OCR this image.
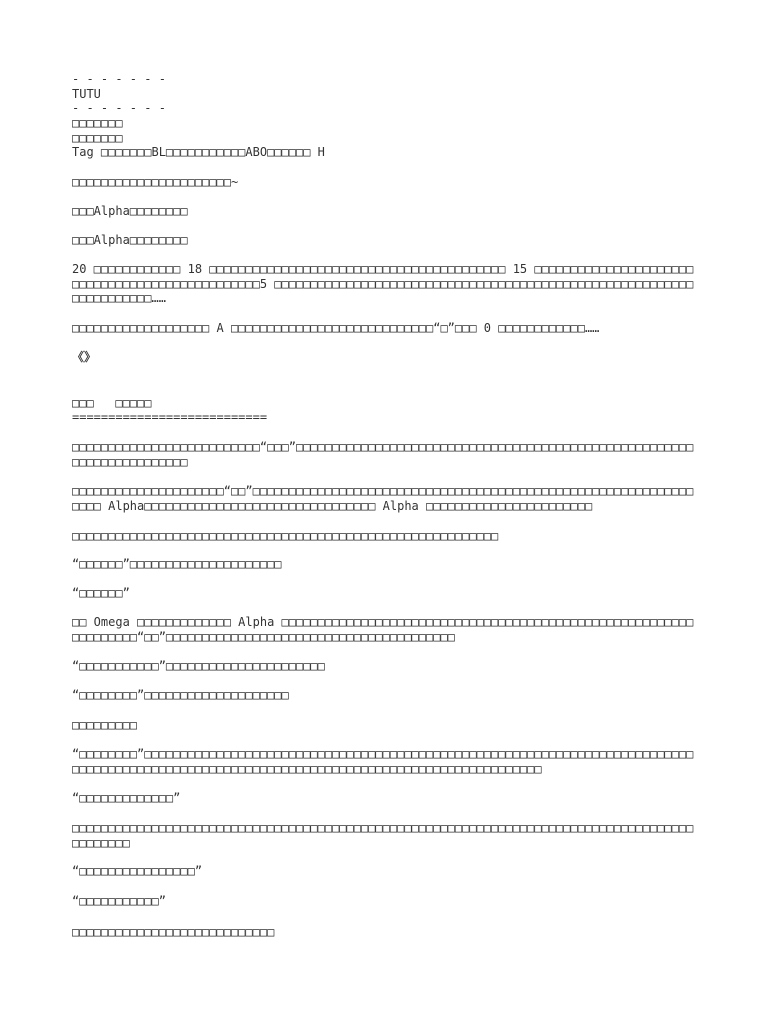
- - - - - - -
TUTU
- - - - - - -
□□□□□□□
□□□□□□□
Tag □□□□□□□BL□□□□□□□□□□□ABO□□□□□□ H
□□□□□□□□□□□□□□□□□□□□□□~
□□□Alpha□□□□□□□□
□□□Alpha□□□□□□□□

20 □□□□□□□□□□□□ 18 □□□□□□□□□□□□□□□□□□□□□□□□□□□□□□□□□□□□□□□□□ 15 □□□□□□□□□□□□□□□□□□□□□□□□□□□□□□□□□□□□□□□□□□□□□□□□5 □□□□□□□□□□□□□□□□□□□□□□□□□□□□□□□□□□□□□□□□□□□□□□□□□□□□□□□□□□□□□□□□□□□□□……

□□□□□□□□□□□□□□□□□□□ A □□□□□□□□□□□□□□□□□□□□□□□□□□□□“□”□□□ 0 □□□□□□□□□□□□……

《》
□□□   □□□□□
===========================

□□□□□□□□□□□□□□□□□□□□□□□□□□“□□□”□□□□□□□□□□□□□□□□□□□□□□□□□□□□□□□□□□□□□□□□□□□□□□□□□□□□□□□□□□□□□□□□□□□□□□□

□□□□□□□□□□□□□□□□□□□□□“□□”□□□□□□□□□□□□□□□□□□□□□□□□□□□□□□□□□□□□□□□□□□□□□□□□□□□□□□□□□□□□□□□□□ Alpha□□□□□□□□□□□□□□□□□□□□□□□□□□□□□□□□ Alpha □□□□□□□□□□□□□□□□□□□□□□□

□□□□□□□□□□□□□□□□□□□□□□□□□□□□□□□□□□□□□□□□□□□□□□□□□□□□□□□□□□□

“□□□□□□”□□□□□□□□□□□□□□□□□□□□□

“□□□□□□”

□□ Omega □□□□□□□□□□□□□ Alpha □□□□□□□□□□□□□□□□□□□□□□□□□□□□□□□□□□□□□□□□□□□□□□□□□□□□□□□□□□□□□□□□□□“□□”□□□□□□□□□□□□□□□□□□□□□□□□□□□□□□□□□□□□□□□□

“□□□□□□□□□□□”□□□□□□□□□□□□□□□□□□□□□□

“□□□□□□□□”□□□□□□□□□□□□□□□□□□□□

□□□□□□□□□

“□□□□□□□□”□□□□□□□□□□□□□□□□□□□□□□□□□□□□□□□□□□□□□□□□□□□□□□□□□□□□□□□□□□□□□□□□□□□□□□□□□□□□□□□□□□□□□□□□□□□□□□□□□□□□□□□□□□□□□□□□□□□□□□□□□□□□□□□□□□□□□□□□□□□□□

“□□□□□□□□□□□□□”

□□□□□□□□□□□□□□□□□□□□□□□□□□□□□□□□□□□□□□□□□□□□□□□□□□□□□□□□□□□□□□□□□□□□□□□□□□□□□□□□□□□□□□□□□□□□□□

“□□□□□□□□□□□□□□□□”

“□□□□□□□□□□□”

□□□□□□□□□□□□□□□□□□□□□□□□□□□□
